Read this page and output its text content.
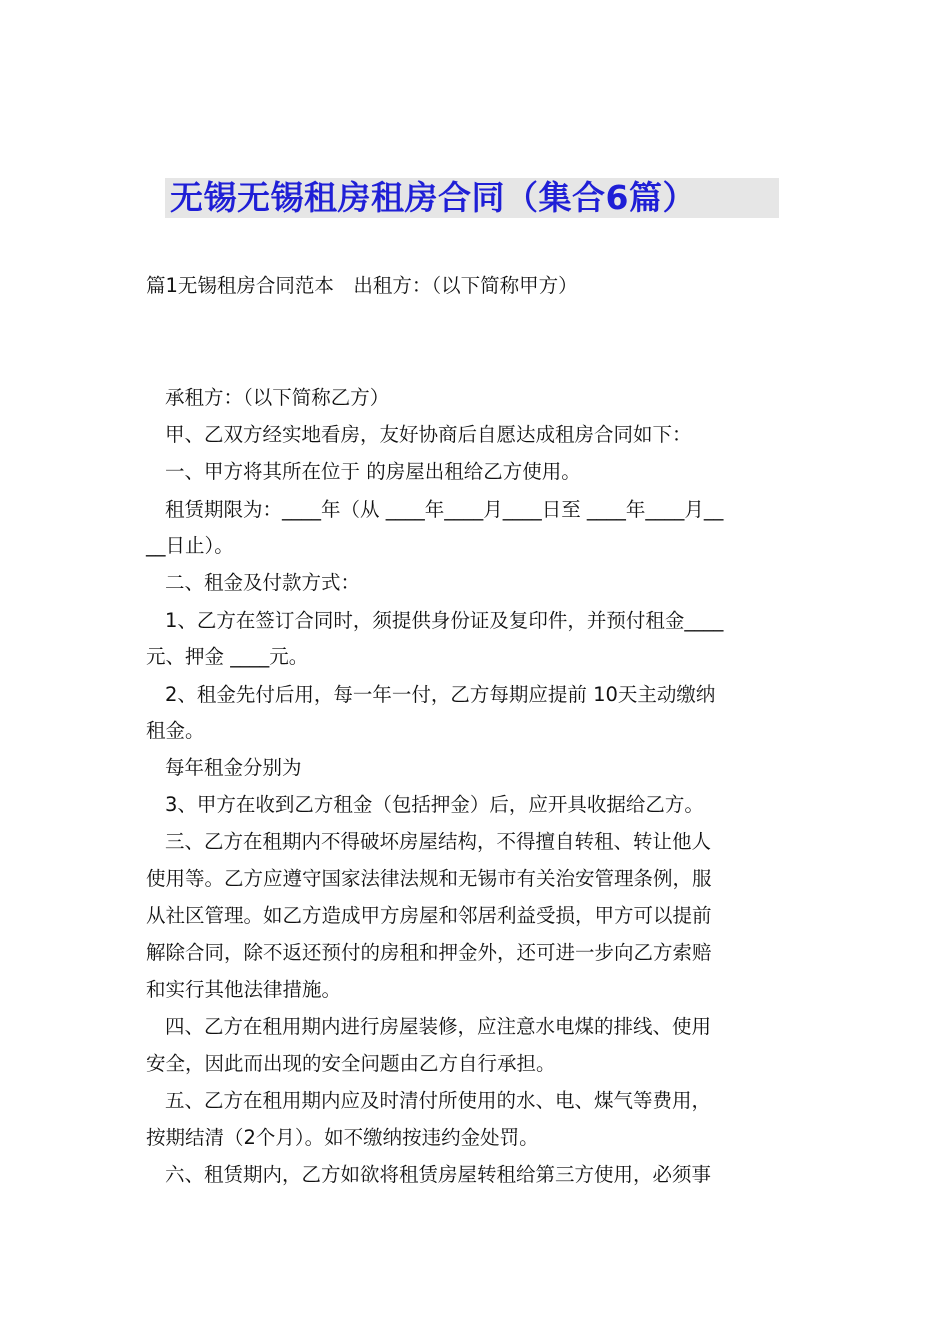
无锡无锡租房租房合同（集合6篇）
篇1无锡租房合同范本　出租方：（以下简称甲方）
承租方：（以下简称乙方）
甲、乙双方经实地看房，友好协商后自愿达成租房合同如下：
一、甲方将其所在位于 的房屋出租给乙方使用。
租赁期限为：____年（从 ____年____月____日至 ____年____月__
__日止）。
二、租金及付款方式：
1、乙方在签订合同时，须提供身份证及复印件，并预付租金____
元、押金 ____元。
2、租金先付后用，每一年一付，乙方每期应提前 10天主动缴纳
租金。
每年租金分别为
3、甲方在收到乙方租金（包括押金）后，应开具收据给乙方。
三、乙方在租期内不得破坏房屋结构，不得擅自转租、转让他人
使用等。乙方应遵守国家法律法规和无锡市有关治安管理条例，服
从社区管理。如乙方造成甲方房屋和邻居利益受损，甲方可以提前
解除合同，除不返还预付的房租和押金外，还可进一步向乙方索赔
和实行其他法律措施。
四、乙方在租用期内进行房屋装修，应注意水电煤的排线、使用
安全，因此而出现的安全问题由乙方自行承担。
五、乙方在租用期内应及时清付所使用的水、电、煤气等费用，
按期结清（2个月）。如不缴纳按违约金处罚。
六、租赁期内，乙方如欲将租赁房屋转租给第三方使用，必须事
